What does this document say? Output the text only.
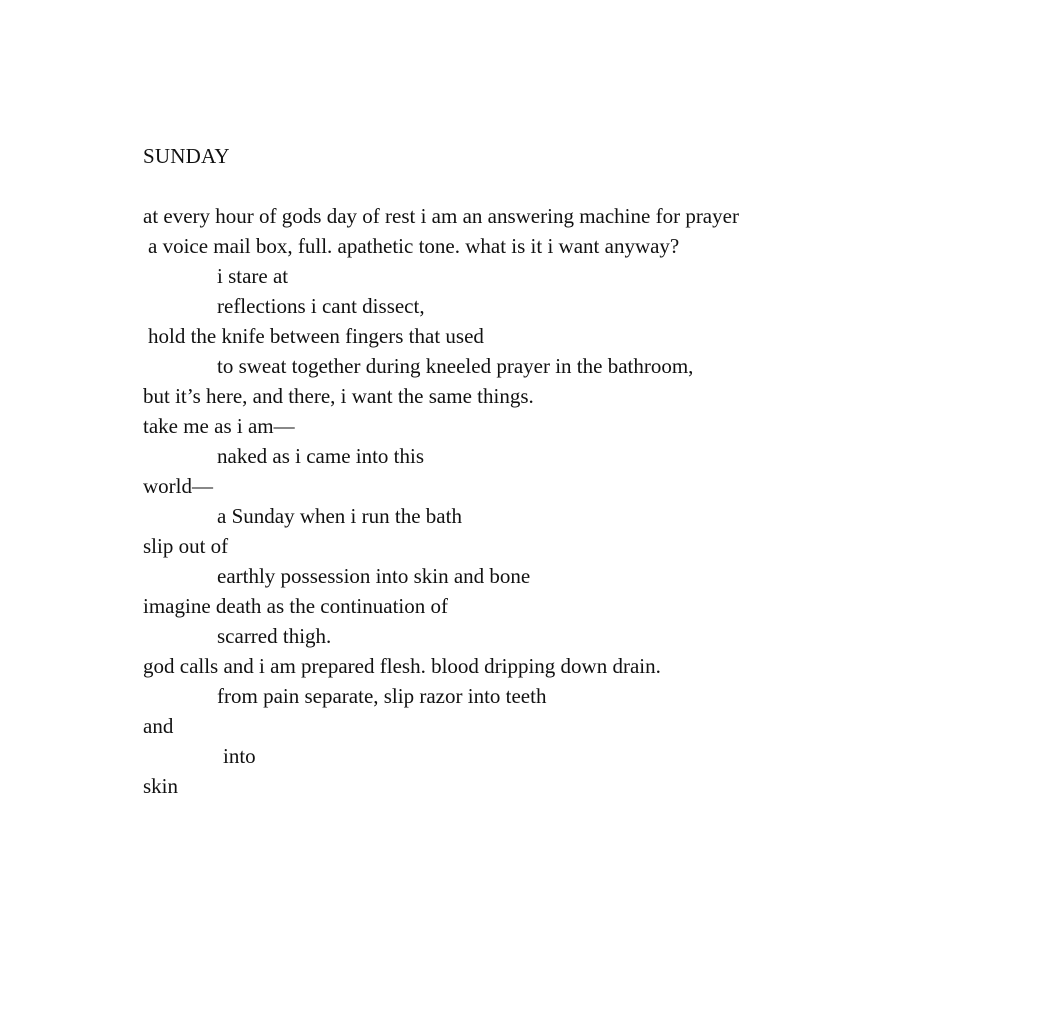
SUNDAY
at every hour of gods day of rest i am an answering machine for prayer
a voice mail box, full. apathetic tone. what is it i want anyway?
i stare at
reflections i cant dissect,
hold the knife between fingers that used
to sweat together during kneeled prayer in the bathroom,
but it’s here, and there, i want the same things.
take me as i am—
naked as i came into this
world—
a Sunday when i run the bath
slip out of
earthly possession into skin and bone
imagine death as the continuation of
scarred thigh.
god calls and i am prepared flesh. blood dripping down drain.
from pain separate, slip razor into teeth
and
into
skin
